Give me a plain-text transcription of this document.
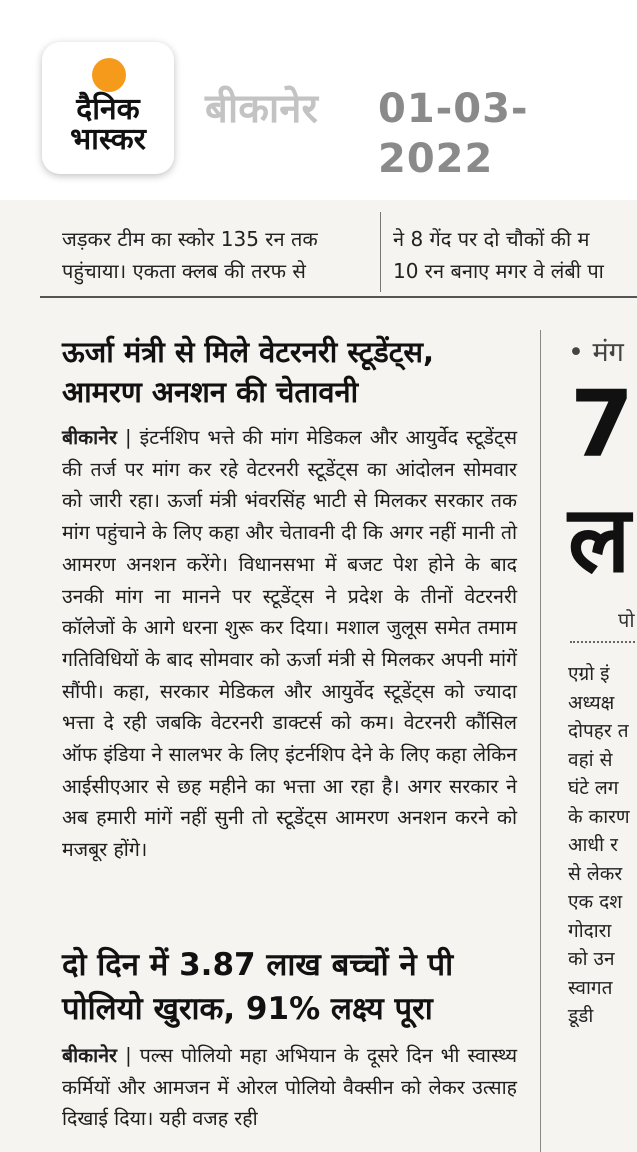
दैनिक
भास्कर
बीकानेर 01-03-2022
जड़कर टीम का स्कोर 135 रन तक
पहुंचाया। एकता क्लब की तरफ से
ने 8 गेंद पर दो चौकों की म
10 रन बनाए मगर वे लंबी पा
ऊर्जा मंत्री से मिले वेटरनरी स्टूडेंट्स,
आमरण अनशन की चेतावनी
बीकानेर | इंटर्नशिप भत्ते की मांग मेडिकल और आयुर्वेद स्टूडेंट्स की तर्ज पर मांग कर रहे वेटरनरी स्टूडेंट्स का आंदोलन सोमवार को जारी रहा। ऊर्जा मंत्री भंवरसिंह भाटी से मिलकर सरकार तक मांग पहुंचाने के लिए कहा और चेतावनी दी कि अगर नहीं मानी तो आमरण अनशन करेंगे। विधानसभा में बजट पेश होने के बाद उनकी मांग ना मानने पर स्टूडेंट्स ने प्रदेश के तीनों वेटरनरी कॉलेजों के आगे धरना शुरू कर दिया। मशाल जुलूस समेत तमाम गतिविधियों के बाद सोमवार को ऊर्जा मंत्री से मिलकर अपनी मांगें सौंपी। कहा, सरकार मेडिकल और आयुर्वेद स्टूडेंट्स को ज्यादा भत्ता दे रही जबकि वेटरनरी डाक्टर्स को कम। वेटरनरी कौंसिल ऑफ इंडिया ने सालभर के लिए इंटर्नशिप देने के लिए कहा लेकिन आईसीएआर से छह महीने का भत्ता आ रहा है। अगर सरकार ने अब हमारी मांगें नहीं सुनी तो स्टूडेंट्स आमरण अनशन करने को मजबूर होंगे।
दो दिन में 3.87 लाख बच्चों ने पी
पोलियो खुराक, 91% लक्ष्य पूरा
बीकानेर | पल्स पोलियो महा अभियान के दूसरे दिन भी स्वास्थ्य कर्मियों और आमजन में ओरल पोलियो वैक्सीन को लेकर उत्साह दिखाई दिया। यही वजह रही
• मंग
7
ल
पो
एग्रो इं
अध्यक्ष
दोपहर त
वहां से
घंटे लग
के कारण
आधी र
से लेकर
एक दश
गोदारा
को उन
स्वागत
डूडी
